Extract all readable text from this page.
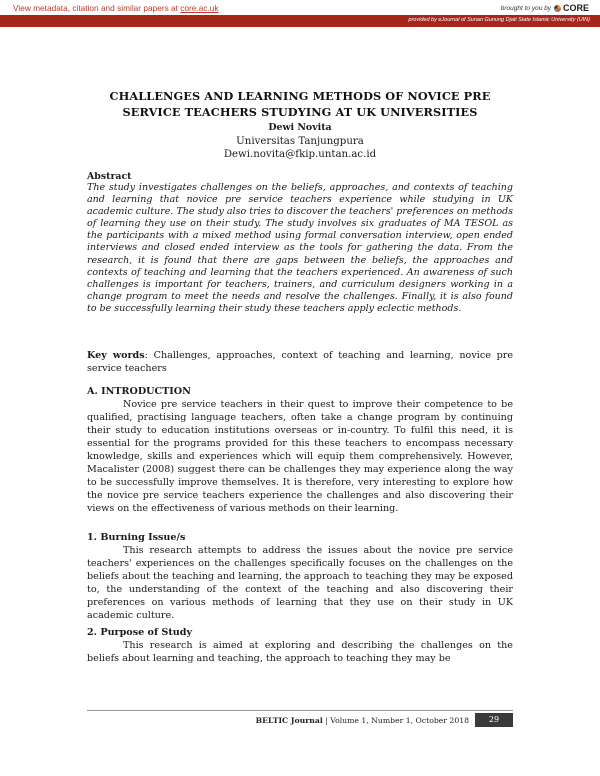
View metadata, citation and similar papers at core.ac.uk	brought to you by CORE
provided by eJournal of Sunan Gunung Djati State Islamic University (UIN)
CHALLENGES AND LEARNING METHODS OF NOVICE PRE
SERVICE TEACHERS STUDYING AT UK UNIVERSITIES
Dewi Novita
Universitas Tanjungpura
Dewi.novita@fkip.untan.ac.id
Abstract
The study investigates challenges on the beliefs, approaches, and contexts of teaching and learning that novice pre service teachers experience while studying in UK academic culture. The study also tries to discover the teachers' preferences on methods of learning they use on their study. The study involves six graduates of MA TESOL as the participants with a mixed method using formal conversation interview, open ended interviews and closed ended interview as the tools for gathering the data. From the research, it is found that there are gaps between the beliefs, the approaches and contexts of teaching and learning that the teachers experienced. An awareness of such challenges is important for teachers, trainers, and curriculum designers working in a change program to meet the needs and resolve the challenges. Finally, it is also found to be successfully learning their study these teachers apply eclectic methods.
Key words: Challenges, approaches, context of teaching and learning, novice pre service teachers
A. INTRODUCTION
Novice pre service teachers in their quest to improve their competence to be qualified, practising language teachers, often take a change program by continuing their study to education institutions overseas or in-country. To fulfil this need, it is essential for the programs provided for this these teachers to encompass necessary knowledge, skills and experiences which will equip them comprehensively. However, Macalister (2008) suggest there can be challenges they may experience along the way to be successfully improve themselves. It is therefore, very interesting to explore how the novice pre service teachers experience the challenges and also discovering their views on the effectiveness of various methods on their learning.
1. Burning Issue/s
This research attempts to address the issues about the novice pre service teachers' experiences on the challenges specifically focuses on the challenges on the beliefs about the teaching and learning, the approach to teaching they may be exposed to, the understanding of the context of the teaching and also discovering their preferences on various methods of learning that they use on their study in UK academic culture.
2. Purpose of Study
This research is aimed at exploring and describing the challenges on the beliefs about learning and teaching, the approach to teaching they may be
BELTIC Journal | Volume 1, Number 1, October 2018	29
